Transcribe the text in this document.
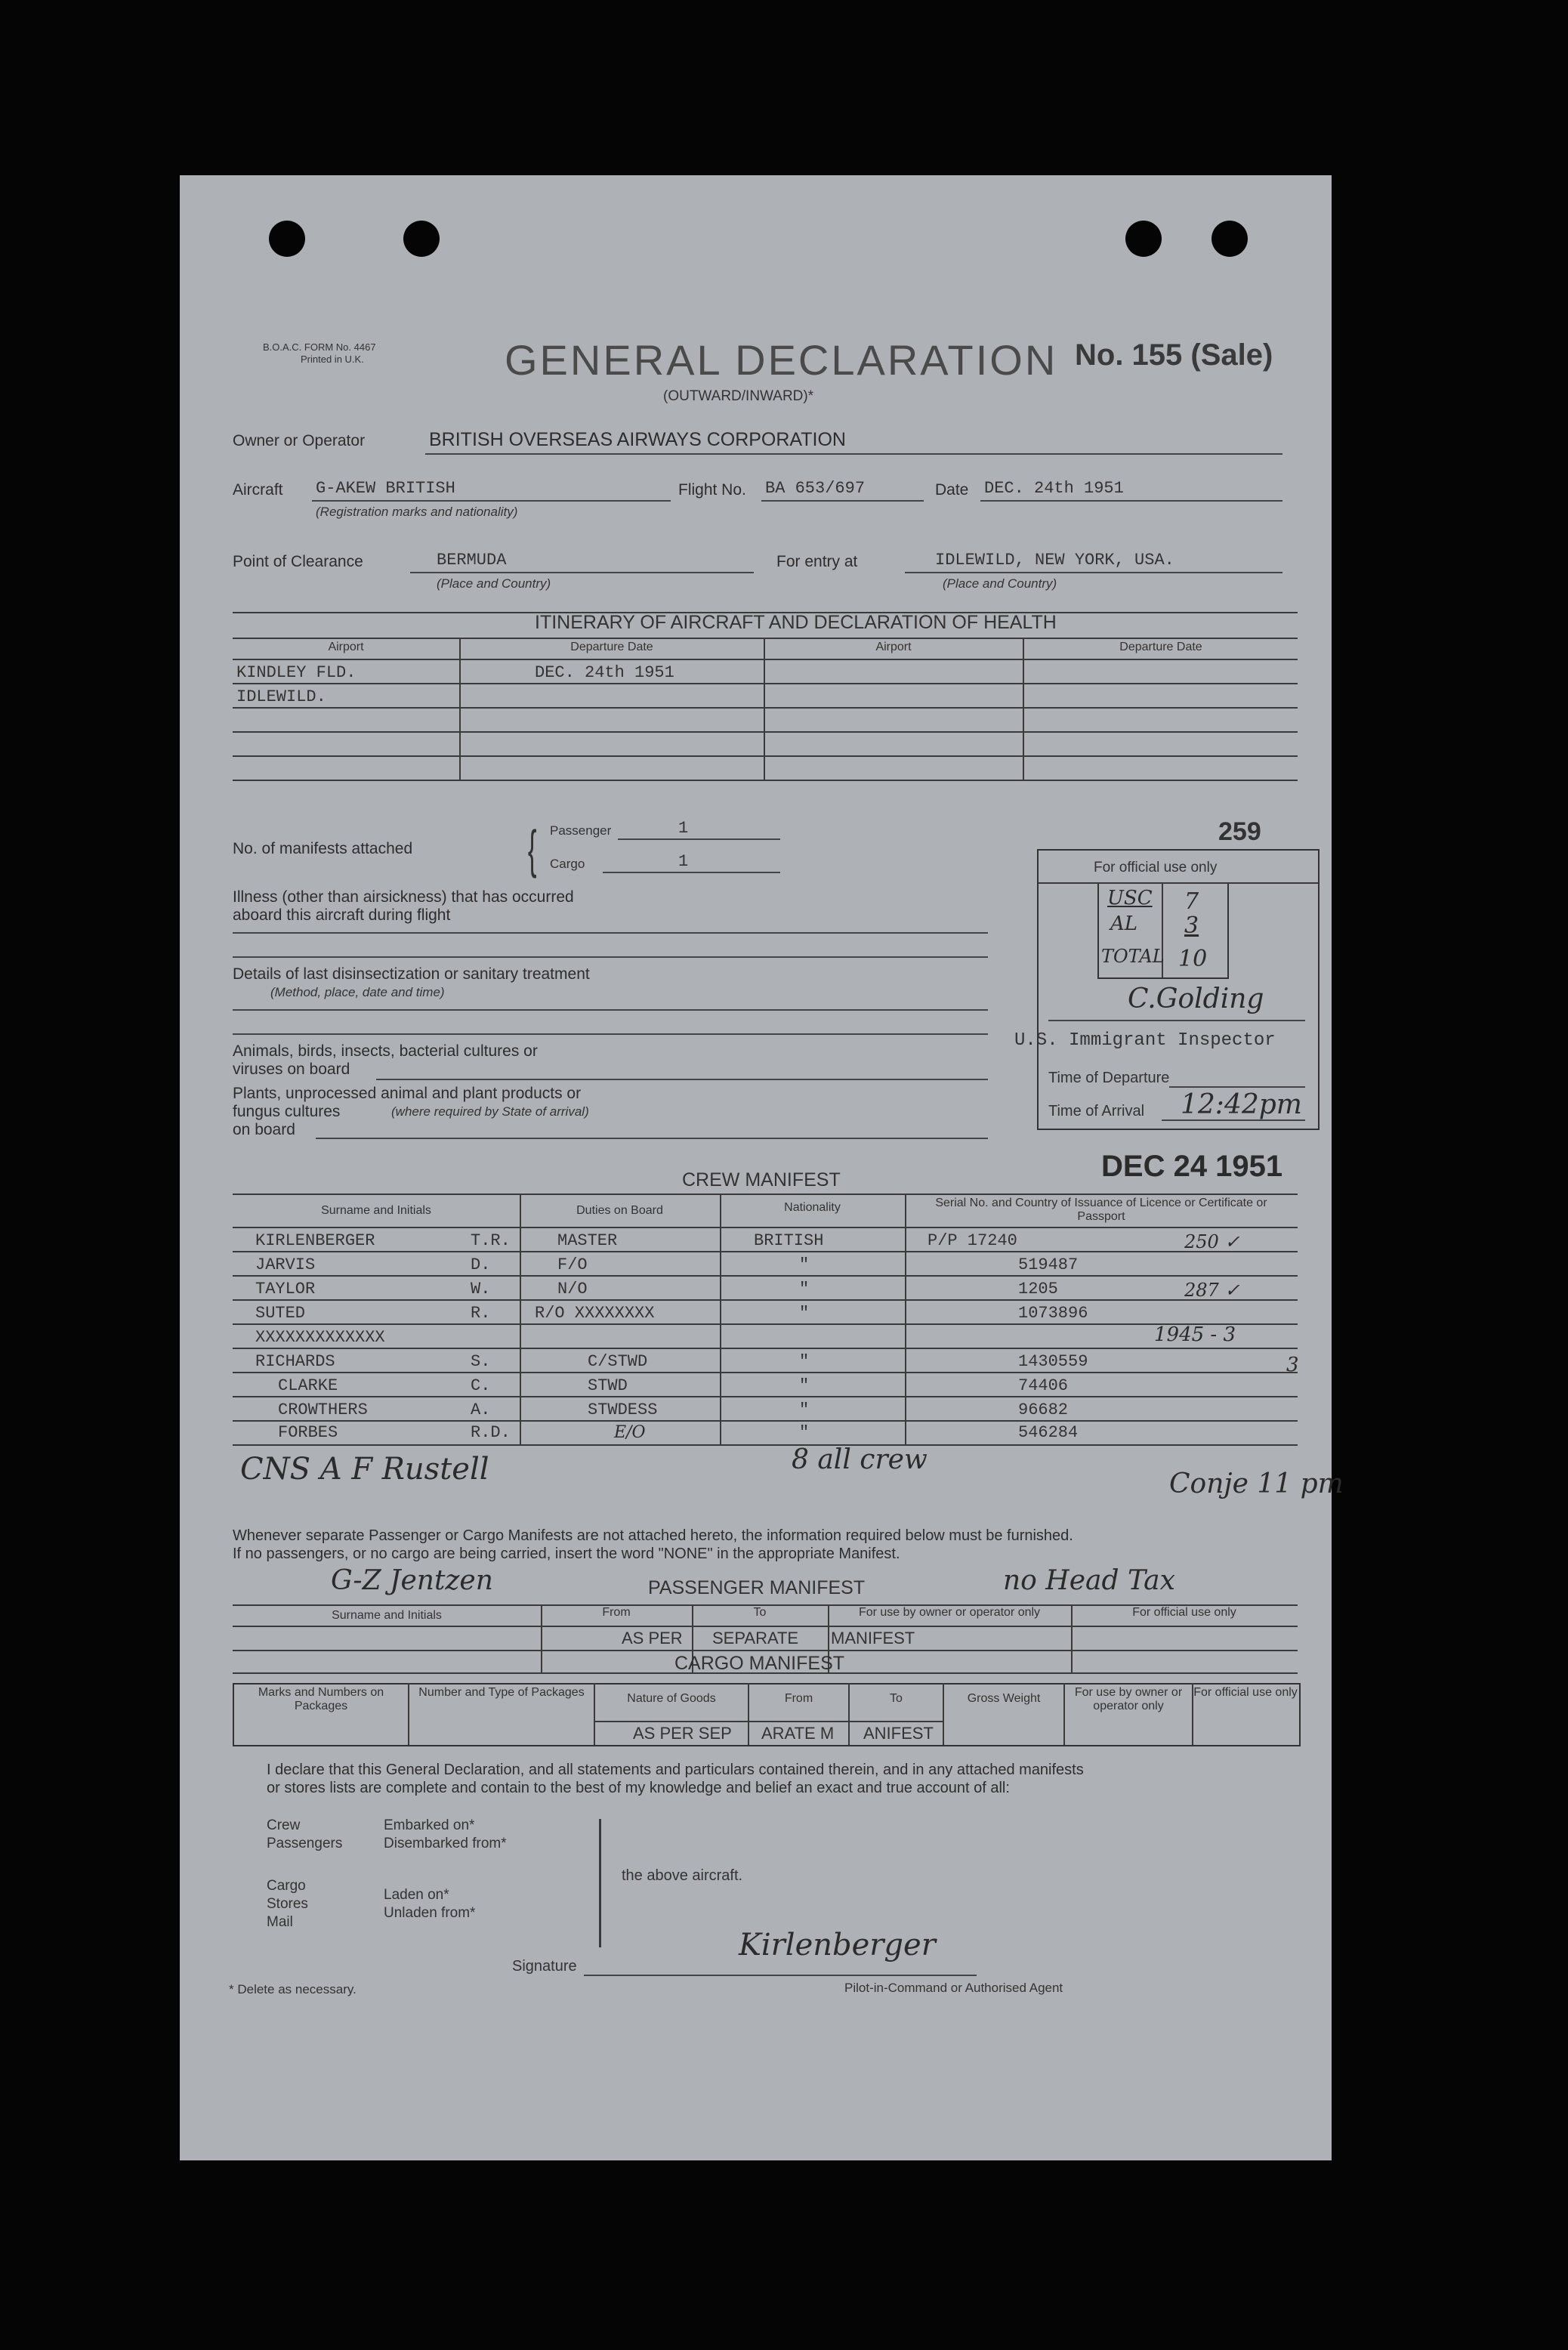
B.O.A.C. FORM No. 4467
Printed in U.K.	GENERAL DECLARATION No. 155 (Sale)
(OUTWARD/INWARD)*
Owner or Operator	BRITISH OVERSEAS AIRWAYS CORPORATION
Aircraft G-AKEW BRITISH
(Registration marks and nationality)
Flight No. BA 653/697	Date DEC. 24th 1951
Point of Clearance	BERMUDA
(Place and Country)
For entry at	IDLEWILD, NEW YORK, USA.
(Place and Country)
ITINERARY OF AIRCRAFT AND DECLARATION OF HEALTH
Airport	Departure Date	Airport	Departure Date
KINDLEY FLD.	DEC. 24th 1951
IDLEWILD.
No. of manifests attached { Passenger	1
Cargo	1
Illness (other than airsickness) that has occurred
aboard this aircraft during flight
Details of last disinsectization or sanitary treatment
(Method, place, date and time)
Animals, birds, insects, bacterial cultures or
viruses on board
Plants, unprocessed animal and plant products or
fungus cultures	(where required by State of arrival)
on board
259
For official use only
USC 7
AL 3
TOTAL 10
C.Golding
U.S. Immigrant Inspector
Time of Departure
Time of Arrival 12:42pm
DEC 24 1951
CREW MANIFEST
Surname and Initials	Duties on Board	Nationality	Serial No. and Country of Issuance of Licence or Certificate or Passport
KIRLENBERGER	T.R.	MASTER	BRITISH	P/P 17240	250 ✓
JARVIS	D.	F/O	"	519487
TAYLOR	W.	N/O	"	1205	287 ✓
SUTED	R.	R/O XXXXXXXX	"	1073896
1945 - 3
XXXXXXXXXXXXX
RICHARDS	S.	C/STWD	"	1430559	3
CLARKE	C.	STWD	"	74406
CROWTHERS	A.	STWDESS	"	96682
FORBES	R.D.	E/O	"	546284
CNS A F Rustell	8 all crew
Conje 11 pm
Whenever separate Passenger or Cargo Manifests are not attached hereto, the information required below must be furnished.
If no passengers, or no cargo are being carried, insert the word "NONE" in the appropriate Manifest.
G-Z Jentzen	PASSENGER MANIFEST	no Head Tax
Surname and Initials	From	To	For use by owner or operator only	For official use only
AS PER SEPARATE MANIFEST
CARGO MANIFEST
Marks and Numbers on Packages
Number and Type of Packages	Nature of Goods	From	To	Gross Weight	For use by owner or operator only
For official use only
AS PER SEP ARATE M ANIFEST
I declare that this General Declaration, and all statements and particulars contained therein, and in any attached manifests
or stores lists are complete and contain to the best of my knowledge and belief an exact and true account of all:
Crew
Passengers
Embarked on*
Disembarked from*
Cargo
Stores
Mail
Laden on*
Unladen from*
the above aircraft.
Signature
Kirlenberger
Pilot-in-Command or Authorised Agent
* Delete as necessary.
